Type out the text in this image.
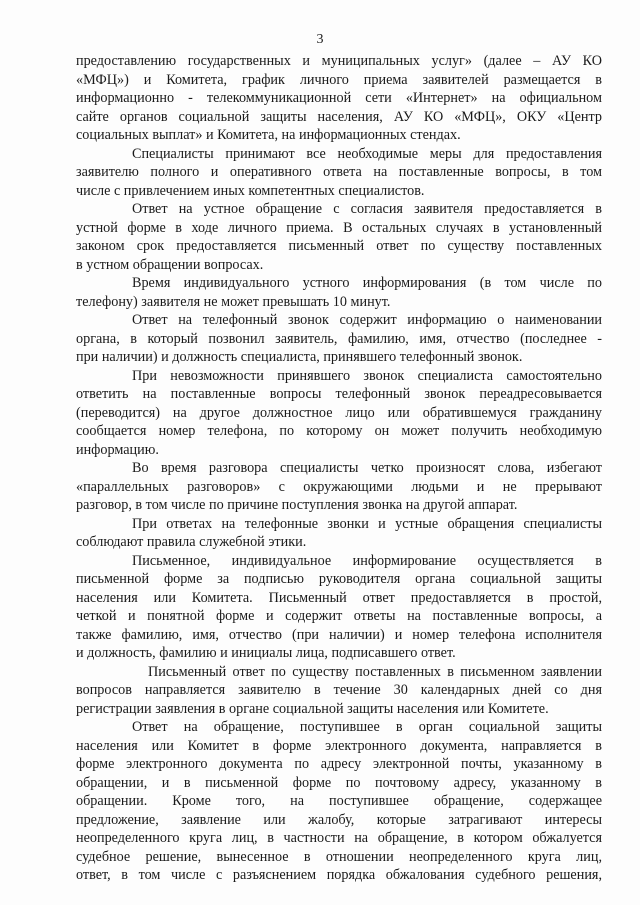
3
предоставлению государственных и муниципальных услуг» (далее – АУ КО
«МФЦ») и Комитета, график личного приема заявителей размещается в
информационно - телекоммуникационной сети «Интернет» на официальном
сайте органов социальной защиты населения, АУ КО «МФЦ», ОКУ «Центр
социальных выплат» и Комитета, на информационных стендах.
Специалисты принимают все необходимые меры для предоставления
заявителю полного и оперативного ответа на поставленные вопросы, в том
числе с привлечением иных компетентных специалистов.
Ответ на устное обращение с согласия заявителя предоставляется в
устной форме в ходе личного приема. В остальных случаях в установленный
законом срок предоставляется письменный ответ по существу поставленных
в устном обращении вопросах.
Время индивидуального устного информирования (в том числе по
телефону) заявителя не может превышать 10 минут.
Ответ на телефонный звонок содержит информацию о наименовании
органа, в который позвонил заявитель, фамилию, имя, отчество (последнее -
при наличии) и должность специалиста, принявшего телефонный звонок.
При невозможности принявшего звонок специалиста самостоятельно
ответить на поставленные вопросы телефонный звонок переадресовывается
(переводится) на другое должностное лицо или обратившемуся гражданину
сообщается номер телефона, по которому он может получить необходимую
информацию.
Во время разговора специалисты четко произносят слова, избегают
«параллельных разговоров» с окружающими людьми и не прерывают
разговор, в том числе по причине поступления звонка на другой аппарат.
При ответах на телефонные звонки и устные обращения специалисты
соблюдают правила служебной этики.
Письменное, индивидуальное информирование осуществляется в
письменной форме за подписью руководителя органа социальной защиты
населения или Комитета. Письменный ответ предоставляется в простой,
четкой и понятной форме и содержит ответы на поставленные вопросы, а
также фамилию, имя, отчество (при наличии) и номер телефона исполнителя
и должность, фамилию и инициалы лица, подписавшего ответ.
Письменный ответ по существу поставленных в письменном заявлении
вопросов направляется заявителю в течение 30 календарных дней со дня
регистрации заявления в органе социальной защиты населения или Комитете.
Ответ на обращение, поступившее в орган социальной защиты
населения или Комитет в форме электронного документа, направляется в
форме электронного документа по адресу электронной почты, указанному в
обращении, и в письменной форме по почтовому адресу, указанному в
обращении. Кроме того, на поступившее обращение, содержащее
предложение, заявление или жалобу, которые затрагивают интересы
неопределенного круга лиц, в частности на обращение, в котором обжалуется
судебное решение, вынесенное в отношении неопределенного круга лиц,
ответ, в том числе с разъяснением порядка обжалования судебного решения,
